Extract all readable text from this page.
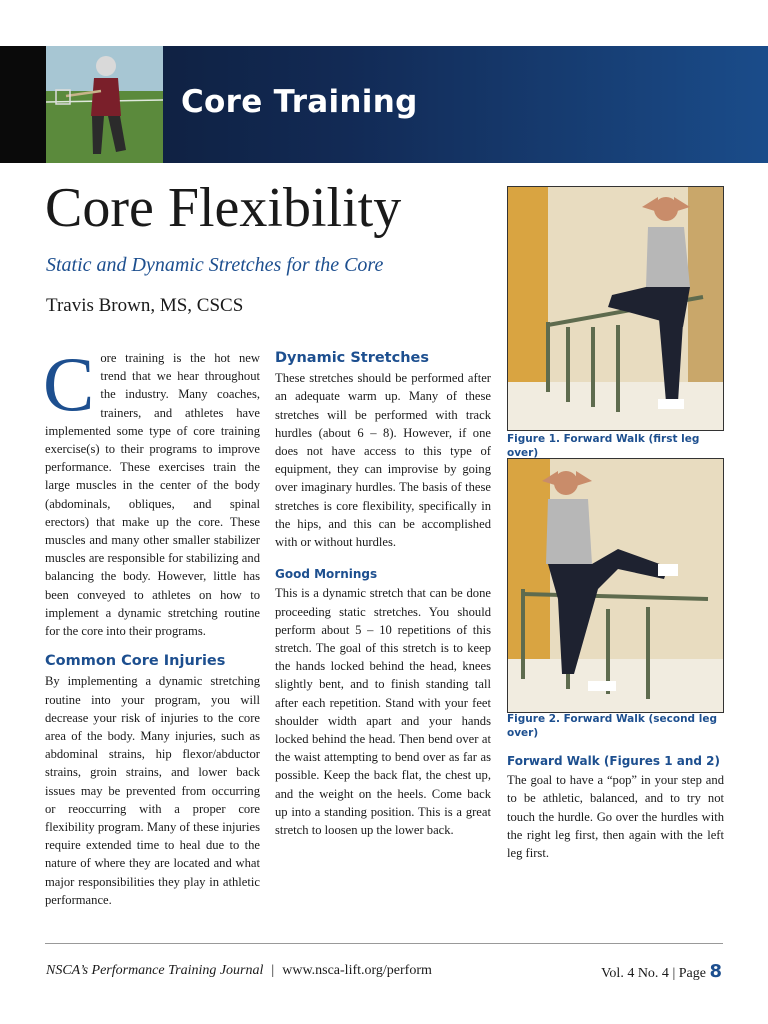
Core Training
Core Flexibility
Static and Dynamic Stretches for the Core
Travis Brown, MS, CSCS

Core training is the hot new trend that we hear throughout the industry. Many coaches, trainers, and athletes have implemented some type of core training exercise(s) to their programs to improve performance. These exercises train the large muscles in the center of the body (abdominals, obliques, and spinal erectors) that make up the core. These muscles and many other smaller stabilizer muscles are responsible for stabilizing and balancing the body. However, little has been conveyed to athletes on how to implement a dynamic stretching routine for the core into their programs.

Common Core Injuries

By implementing a dynamic stretching routine into your program, you will decrease your risk of injuries to the core area of the body. Many injuries, such as abdominal strains, hip flexor/abductor strains, groin strains, and lower back issues may be prevented from occurring or reoccurring with a proper core flexibility program. Many of these injuries require extended time to heal due to the nature of where they are located and what major responsibilities they play in athletic performance.

Dynamic Stretches

These stretches should be performed after an adequate warm up. Many of these stretches will be performed with track hurdles (about 6 – 8). However, if one does not have access to this type of equipment, they can improvise by going over imaginary hurdles. The basis of these stretches is core flexibility, specifically in the hips, and this can be accomplished with or without hurdles.

Good Mornings

This is a dynamic stretch that can be done proceeding static stretches. You should perform about 5 – 10 repetitions of this stretch. The goal of this stretch is to keep the hands locked behind the head, knees slightly bent, and to finish standing tall after each repetition. Stand with your feet shoulder width apart and your hands locked behind the head. Then bend over at the waist attempting to bend over as far as possible. Keep the back flat, the chest up, and the weight on the heels. Come back up into a standing position. This is a great stretch to loosen up the lower back.

Figure 1. Forward Walk (first leg over)
Figure 2. Forward Walk (second leg over)
Forward Walk (Figures 1 and 2)

The goal to have a “pop” in your step and to be athletic, balanced, and to try not touch the hurdle. Go over the hurdles with the right leg first, then again with the left leg first.

NSCA’s Performance Training Journal | www.nsca-lift.org/perform	Vol. 4 No. 4 | Page 8
